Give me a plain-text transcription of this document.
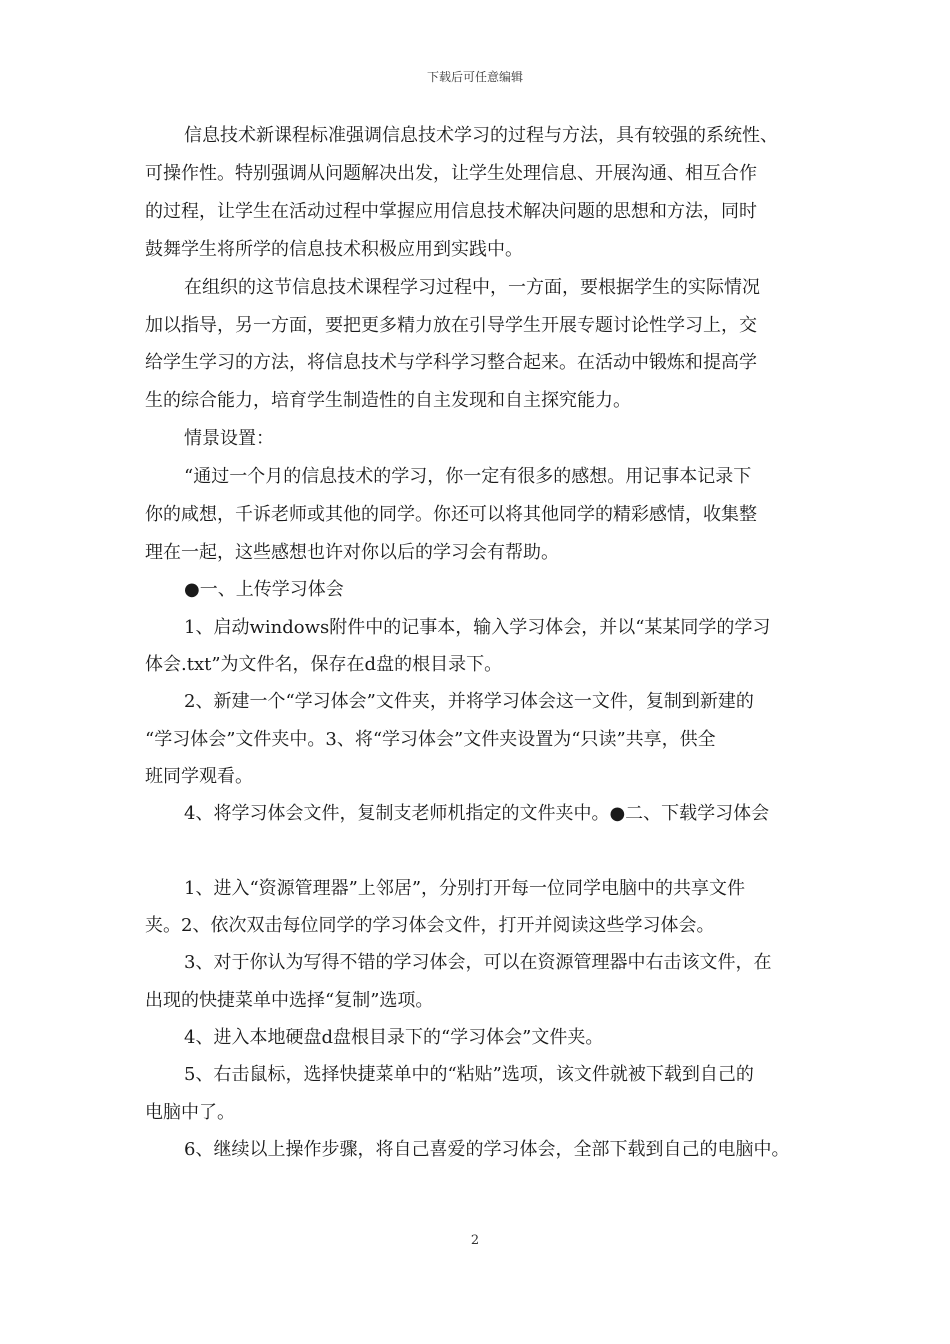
下载后可任意编辑
信息技术新课程标准强调信息技术学习的过程与方法，具有较强的系统性、
可操作性。特别强调从问题解决出发，让学生处理信息、开展沟通、相互合作
的过程，让学生在活动过程中掌握应用信息技术解决问题的思想和方法，同时
鼓舞学生将所学的信息技术积极应用到实践中。
在组织的这节信息技术课程学习过程中，一方面，要根据学生的实际情况
加以指导，另一方面，要把更多精力放在引导学生开展专题讨论性学习上，交
给学生学习的方法，将信息技术与学科学习整合起来。在活动中锻炼和提高学
生的综合能力，培育学生制造性的自主发现和自主探究能力。
情景设置：
“通过一个月的信息技术的学习，你一定有很多的感想。用记事本记录下
你的咸想，千诉老师或其他的同学。你还可以将其他同学的精彩感情，收集整
理在一起，这些感想也许对你以后的学习会有帮助。
●一、上传学习体会
1、启动windows附件中的记事本，输入学习体会，并以“某某同学的学习
体会.txt”为文件名，保存在d盘的根目录下。
2、新建一个“学习体会”文件夹，并将学习体会这一文件，复制到新建的
“学习体会”文件夹中。3、将“学习体会”文件夹设置为“只读”共享，供全
班同学观看。
4、将学习体会文件，复制支老师机指定的文件夹中。●二、下载学习体会
1、进入“资源管理器”上邻居”，分别打开每一位同学电脑中的共享文件
夹。2、依次双击每位同学的学习体会文件，打开并阅读这些学习体会。
3、对于你认为写得不错的学习体会，可以在资源管理器中右击该文件，在
出现的快捷菜单中选择“复制”选项。
4、进入本地硬盘d盘根目录下的“学习体会”文件夹。
5、右击鼠标，选择快捷菜单中的“粘贴”选项，该文件就被下载到自己的
电脑中了。
6、继续以上操作步骤，将自己喜爱的学习体会，全部下载到自己的电脑中。
2
